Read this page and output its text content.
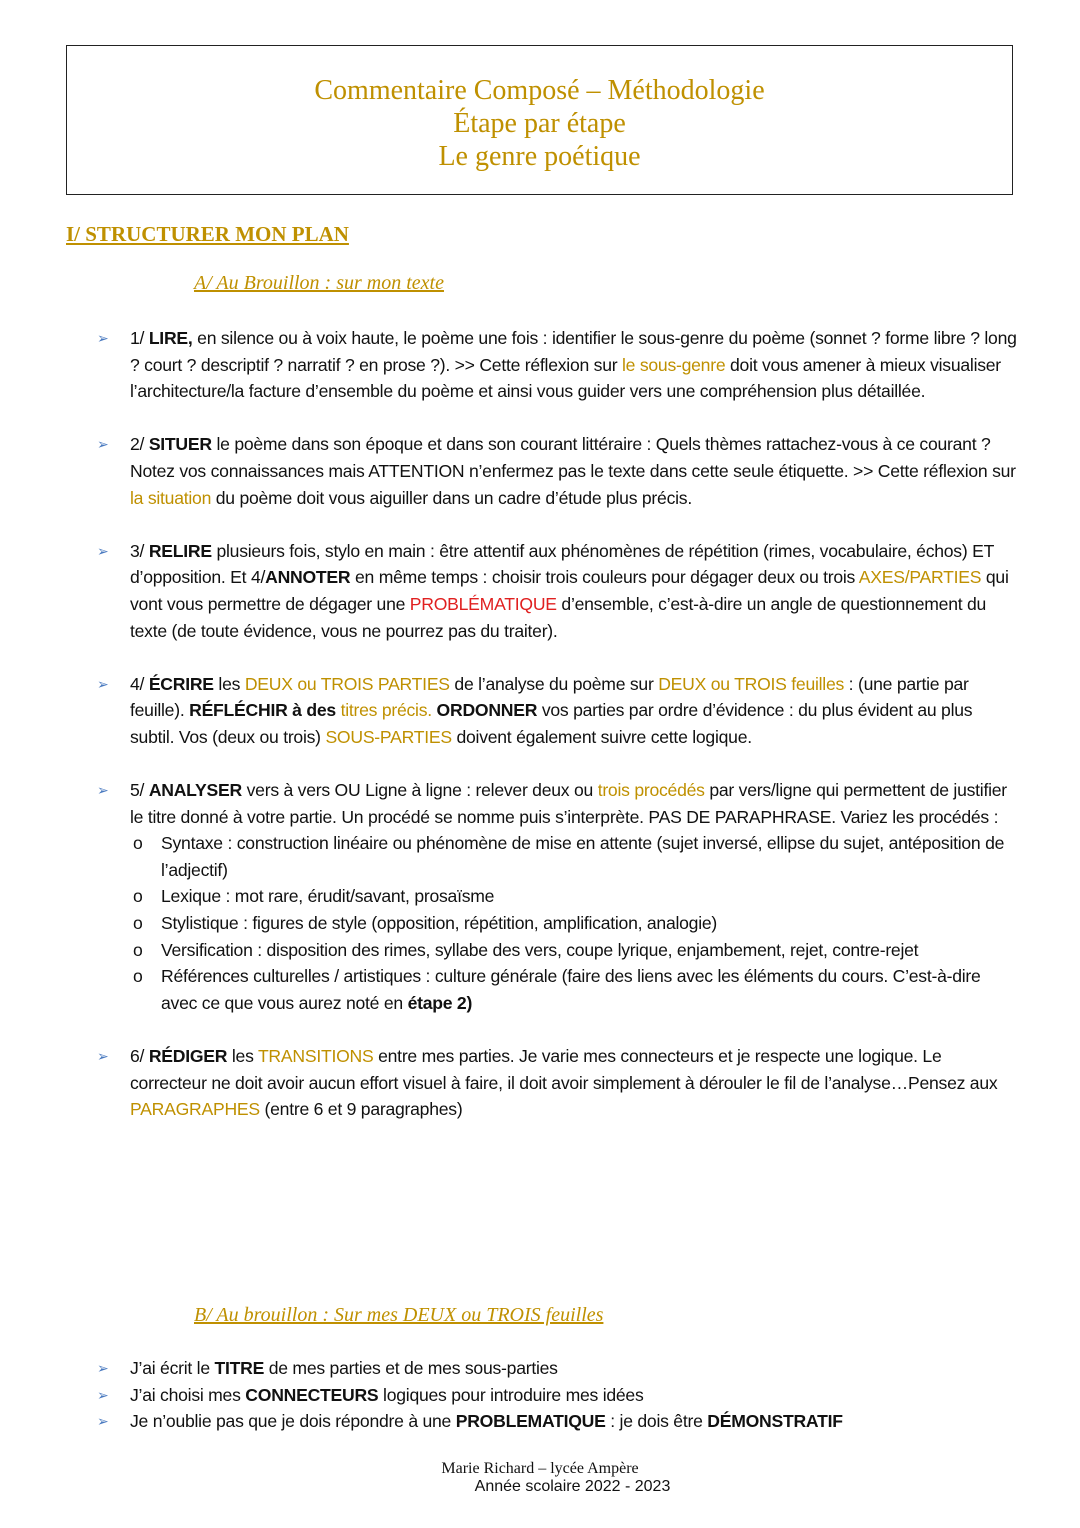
Commentaire Composé – Méthodologie
Étape par étape
Le genre poétique
I/ STRUCTURER MON PLAN
A/ Au Brouillon : sur mon texte
➢ 1/ LIRE, en silence ou à voix haute, le poème une fois : identifier le sous-genre du poème (sonnet ? forme libre ? long ? court ? descriptif ? narratif ? en prose ?). >> Cette réflexion sur le sous-genre doit vous amener à mieux visualiser l’architecture/la facture d’ensemble du poème et ainsi vous guider vers une compréhension plus détaillée.
➢ 2/ SITUER le poème dans son époque et dans son courant littéraire : Quels thèmes rattachez-vous à ce courant ? Notez vos connaissances mais ATTENTION n’enfermez pas le texte dans cette seule étiquette. >> Cette réflexion sur la situation du poème doit vous aiguiller dans un cadre d’étude plus précis.
➢ 3/ RELIRE plusieurs fois, stylo en main : être attentif aux phénomènes de répétition (rimes, vocabulaire, échos) ET d’opposition. Et 4/ANNOTER en même temps : choisir trois couleurs pour dégager deux ou trois AXES/PARTIES qui vont vous permettre de dégager une PROBLÉMATIQUE d’ensemble, c’est-à-dire un angle de questionnement du texte (de toute évidence, vous ne pourrez pas du traiter).
➢ 4/ ÉCRIRE les DEUX ou TROIS PARTIES de l’analyse du poème sur DEUX ou TROIS feuilles : (une partie par feuille). RÉFLÉCHIR à des titres précis. ORDONNER vos parties par ordre d’évidence : du plus évident au plus subtil. Vos (deux ou trois) SOUS-PARTIES doivent également suivre cette logique.
➢ 5/ ANALYSER vers à vers OU Ligne à ligne : relever deux ou trois procédés par vers/ligne qui permettent de justifier le titre donné à votre partie. Un procédé se nomme puis s’interprète. PAS DE PARAPHRASE. Variez les procédés :
o Syntaxe : construction linéaire ou phénomène de mise en attente (sujet inversé, ellipse du sujet, antéposition de l’adjectif)
o Lexique : mot rare, érudit/savant, prosaïsme
o Stylistique : figures de style (opposition, répétition, amplification, analogie)
o Versification : disposition des rimes, syllabe des vers, coupe lyrique, enjambement, rejet, contre-rejet
o Références culturelles / artistiques : culture générale (faire des liens avec les éléments du cours. C’est-à-dire avec ce que vous aurez noté en étape 2)
➢ 6/ RÉDIGER les TRANSITIONS entre mes parties. Je varie mes connecteurs et je respecte une logique. Le correcteur ne doit avoir aucun effort visuel à faire, il doit avoir simplement à dérouler le fil de l’analyse…Pensez aux PARAGRAPHES (entre 6 et 9 paragraphes)
B/ Au brouillon : Sur mes DEUX ou TROIS feuilles
➢ J’ai écrit le TITRE de mes parties et de mes sous-parties
➢ J’ai choisi mes CONNECTEURS logiques pour introduire mes idées
➢ Je n’oublie pas que je dois répondre à une PROBLEMATIQUE : je dois être DÉMONSTRATIF
Marie Richard – lycée Ampère
Année scolaire 2022 - 2023
